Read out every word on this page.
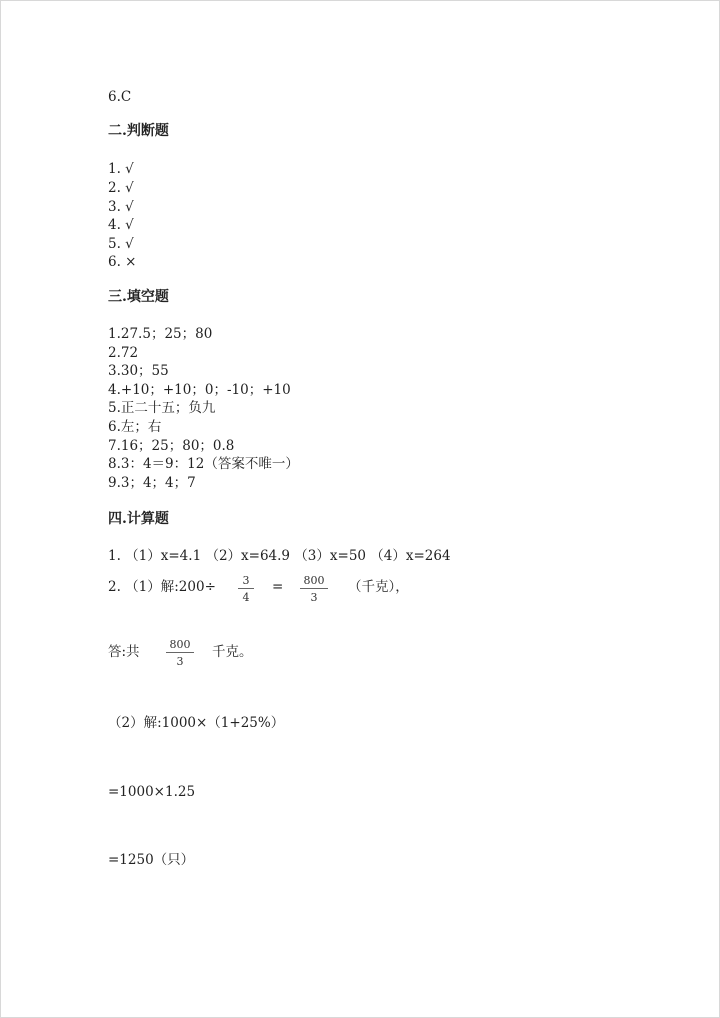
6.C
二.判断题
1. √
2. √
3. √
4. √
5. √
6. ×
三.填空题
1.27.5；25；80
2.72
3.30；55
4.+10；+10；0；-10；+10
5.正二十五；负九
6.左；右
7.16；25；80；0.8
8.3：4＝9：12（答案不唯一）
9.3；4；4；7
四.计算题
1. （1）x=4.1 （2）x=64.9 （3）x=50 （4）x=264
2. （1）解:200÷	3
4
=	800
3
（千克），
答:共	800
3
千克。
（2）解:1000×（1+25%）
=1000×1.25
=1250（只）
